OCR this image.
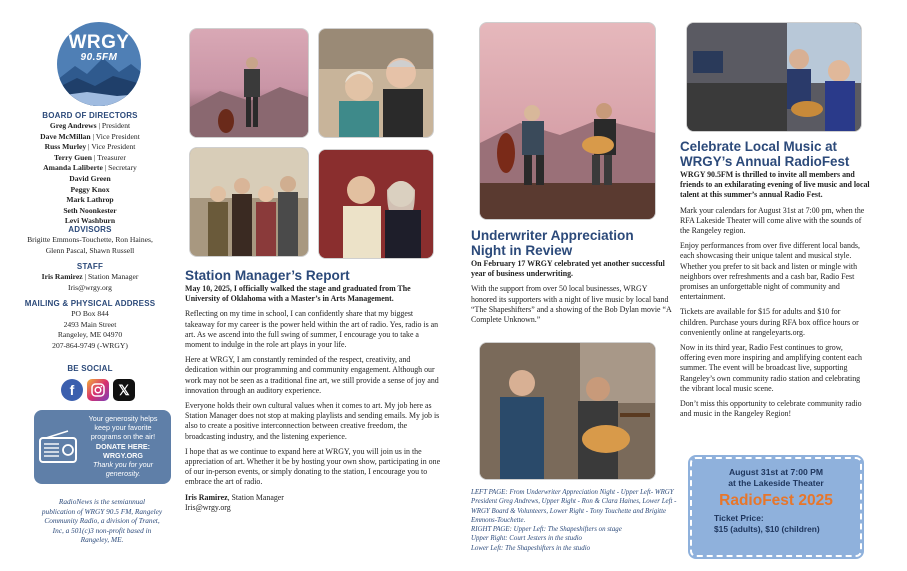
WRGY
90.5FM
BOARD OF DIRECTORS
Greg Andrews | President
Dave McMillan | Vice President
Russ Murley | Vice President
Terry Guen | Treasurer
Amanda Laliberte | Secretary
David Green
Peggy Knox
Mark Lathrop
Seth Noonkester
Levi Washburn
ADVISORS
Brigitte Emmons-Touchette, Ron Haines,
Glenn Pascal, Shawn Russell
STAFF
Iris Ramirez | Station Manager
Iris@wrgy.org
MAILING & PHYSICAL ADDRESS
PO Box 844
2493 Main Street
Rangeley, ME 04970
207-864-9749 (-WRGY)
BE SOCIAL
f	𝕏
Your generosity helps
keep your favorite
programs on the air!
DONATE HERE:
WRGY.ORG
Thank you for your
generosity.
RadioNews is the semiannual
publication of WRGY 90.5 FM, Rangeley
Community Radio, a division of Tranet,
Inc, a 501(c)3 non-profit based in
Rangeley, ME.
Station Manager’s Report

May 10, 2025, I officially walked the stage and graduated from The University of Oklahoma with a Master’s in Arts Management.

Reflecting on my time in school, I can confidently share that my biggest takeaway for my career is the power held within the art of radio. Yes, radio is an art. As we ascend into the full swing of summer, I encourage you to take a moment to indulge in the role art plays in your life.

Here at WRGY, I am constantly reminded of the respect, creativity, and dedication within our programming and community engagement. Although our work may not be seen as a traditional fine art, we still provide a sense of joy and innovation through an auditory experience.

Everyone holds their own cultural values when it comes to art. My job here as Station Manager does not stop at making playlists and sending emails. My job is also to create a positive interconnection between creative freedom, the broadcasting industry, and the listening experience.

I hope that as we continue to expand here at WRGY, you will join us in the appreciation of art. Whether it be by hosting your own show, participating in one of our in-person events, or simply donating to the station, I encourage you to embrace the art of radio.

Iris Ramirez, Station Manager
Iris@wrgy.org
Underwriter Appreciation
Night in Review

On February 17 WRGY celebrated yet another successful year of business underwriting.

With the support from over 50 local businesses, WRGY honored its supporters with a night of live music by local band “The Shapeshifters” and a showing of the Bob Dylan movie “A Complete Unknown.”

LEFT PAGE: From Underwriter Appreciation Night - Upper Left- WRGY President Greg Andrews, Upper Right - Ron & Clara Haines, Lower Left - WRGY Board & Volunteers, Lower Right - Tony Touchette and Brigitte Emmons-Touchette.
RIGHT PAGE: Upper Left: The Shapeshifters on stage
Upper Right: Court Jesters in the studio
Lower Left: The Shapeshifters in the studio
Celebrate Local Music at
WRGY’s Annual RadioFest

WRGY 90.5FM is thrilled to invite all members and friends to an exhilarating evening of live music and local talent at this summer’s annual Radio Fest.

Mark your calendars for August 31st at 7:00 pm, when the RFA Lakeside Theater will come alive with the sounds of the Rangeley region.

Enjoy performances from over five different local bands, each showcasing their unique talent and musical style. Whether you prefer to sit back and listen or mingle with neighbors over refreshments and a cash bar, Radio Fest promises an unforgettable night of community and entertainment.

Tickets are available for $15 for adults and $10 for children. Purchase yours during RFA box office hours or conveniently online at rangeleyarts.org.

Now in its third year, Radio Fest continues to grow, offering even more inspiring and amplifying content each summer. The event will be broadcast live, supporting Rangeley’s own community radio station and celebrating the vibrant local music scene.

Don’t miss this opportunity to celebrate community radio and music in the Rangeley Region!

August 31st at 7:00 PM
at the Lakeside Theater
RadioFest 2025
Ticket Price:
$15 (adults), $10 (children)
